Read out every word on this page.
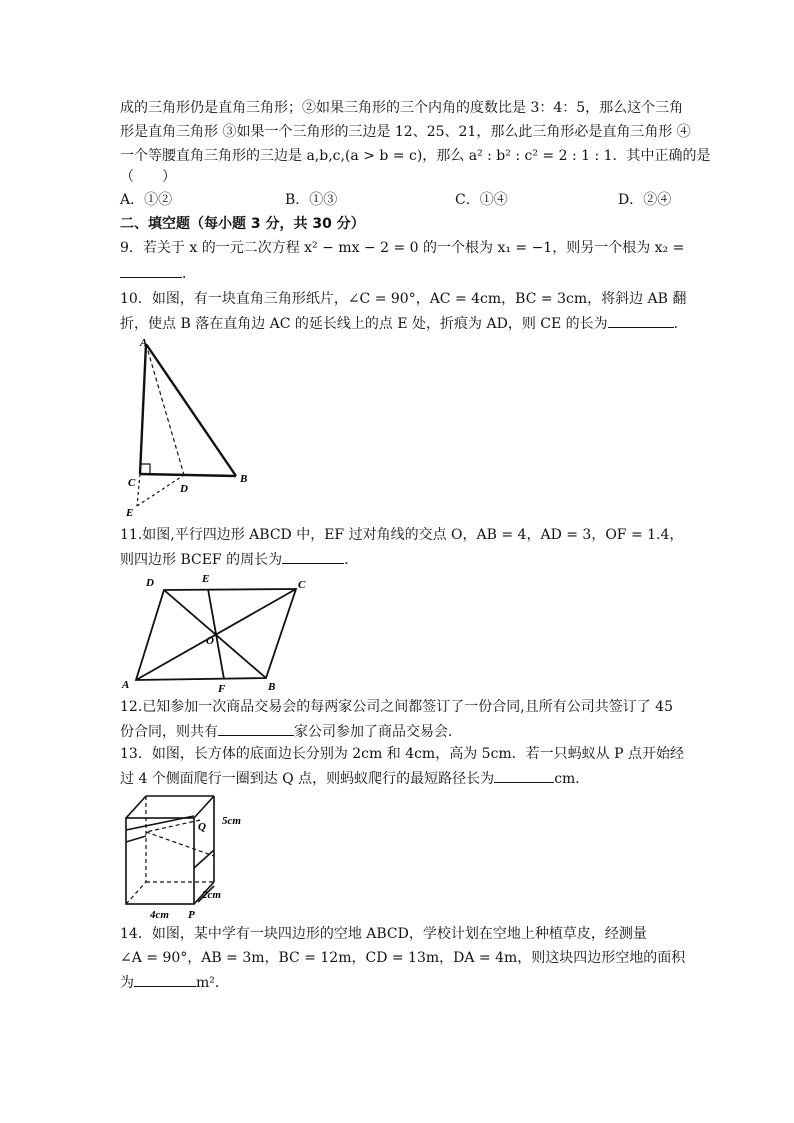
成的三角形仍是直角三角形；②如果三角形的三个内角的度数比是 3：4：5，那么这个三角
形是直角三角形 ③如果一个三角形的三边是 12、25、21，那么此三角形必是直角三角形 ④
一个等腰直角三角形的三边是 a,b,c,(a > b = c)，那么 a² : b² : c² = 2 : 1 : 1．其中正确的是
（　　）
A．①②	B．①③	C．①④	D．②④
二、填空题（每小题 3 分，共 30 分）
9．若关于 x 的一元二次方程 x² − mx − 2 = 0 的一个根为 x₁ = −1，则另一个根为 x₂ =
．
10．如图，有一块直角三角形纸片，∠C = 90°，AC = 4cm，BC = 3cm，将斜边 AB 翻
折，使点 B 落在直角边 AC 的延长线上的点 E 处，折痕为 AD，则 CE 的长为	．
A
B
C	D
E
11.如图,平行四边形 ABCD 中，EF 过对角线的交点 O，AB = 4，AD = 3，OF = 1.4，
则四边形 BCEF 的周长为	．
A	B
C
D	E
F
O
12.已知参加一次商品交易会的每两家公司之间都签订了一份合同,且所有公司共签订了 45
份合同，则共有	家公司参加了商品交易会．
13．如图，长方体的底面边长分别为 2cm 和 4cm，高为 5cm．若一只蚂蚁从 P 点开始经
过 4 个侧面爬行一圈到达 Q 点，则蚂蚁爬行的最短路径长为	cm．
Q 5cm
2cm
4cm P
14．如图，某中学有一块四边形的空地 ABCD，学校计划在空地上种植草皮，经测量
∠A = 90°，AB = 3m，BC = 12m，CD = 13m，DA = 4m，则这块四边形空地的面积
为	m²．
